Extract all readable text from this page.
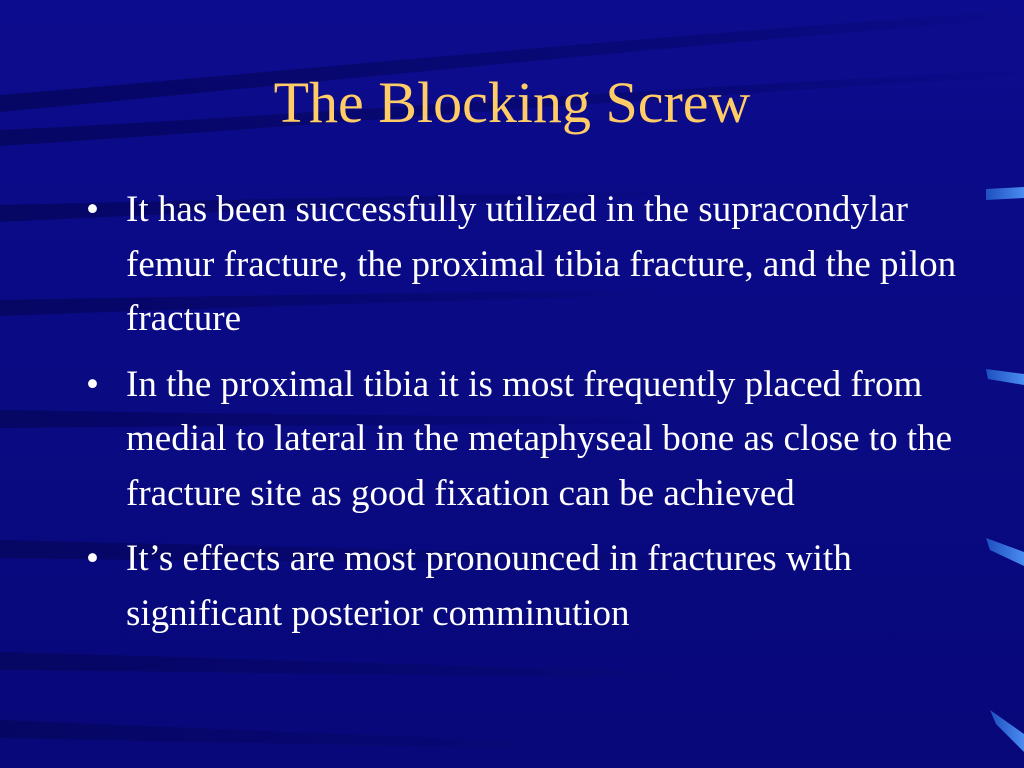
The Blocking Screw
• It has been successfully utilized in the supracondylar femur fracture, the proximal tibia fracture, and the pilon fracture
• In the proximal tibia it is most frequently placed from medial to lateral in the metaphyseal bone as close to the fracture site as good fixation can be achieved
• It’s effects are most pronounced in fractures with significant posterior comminution
